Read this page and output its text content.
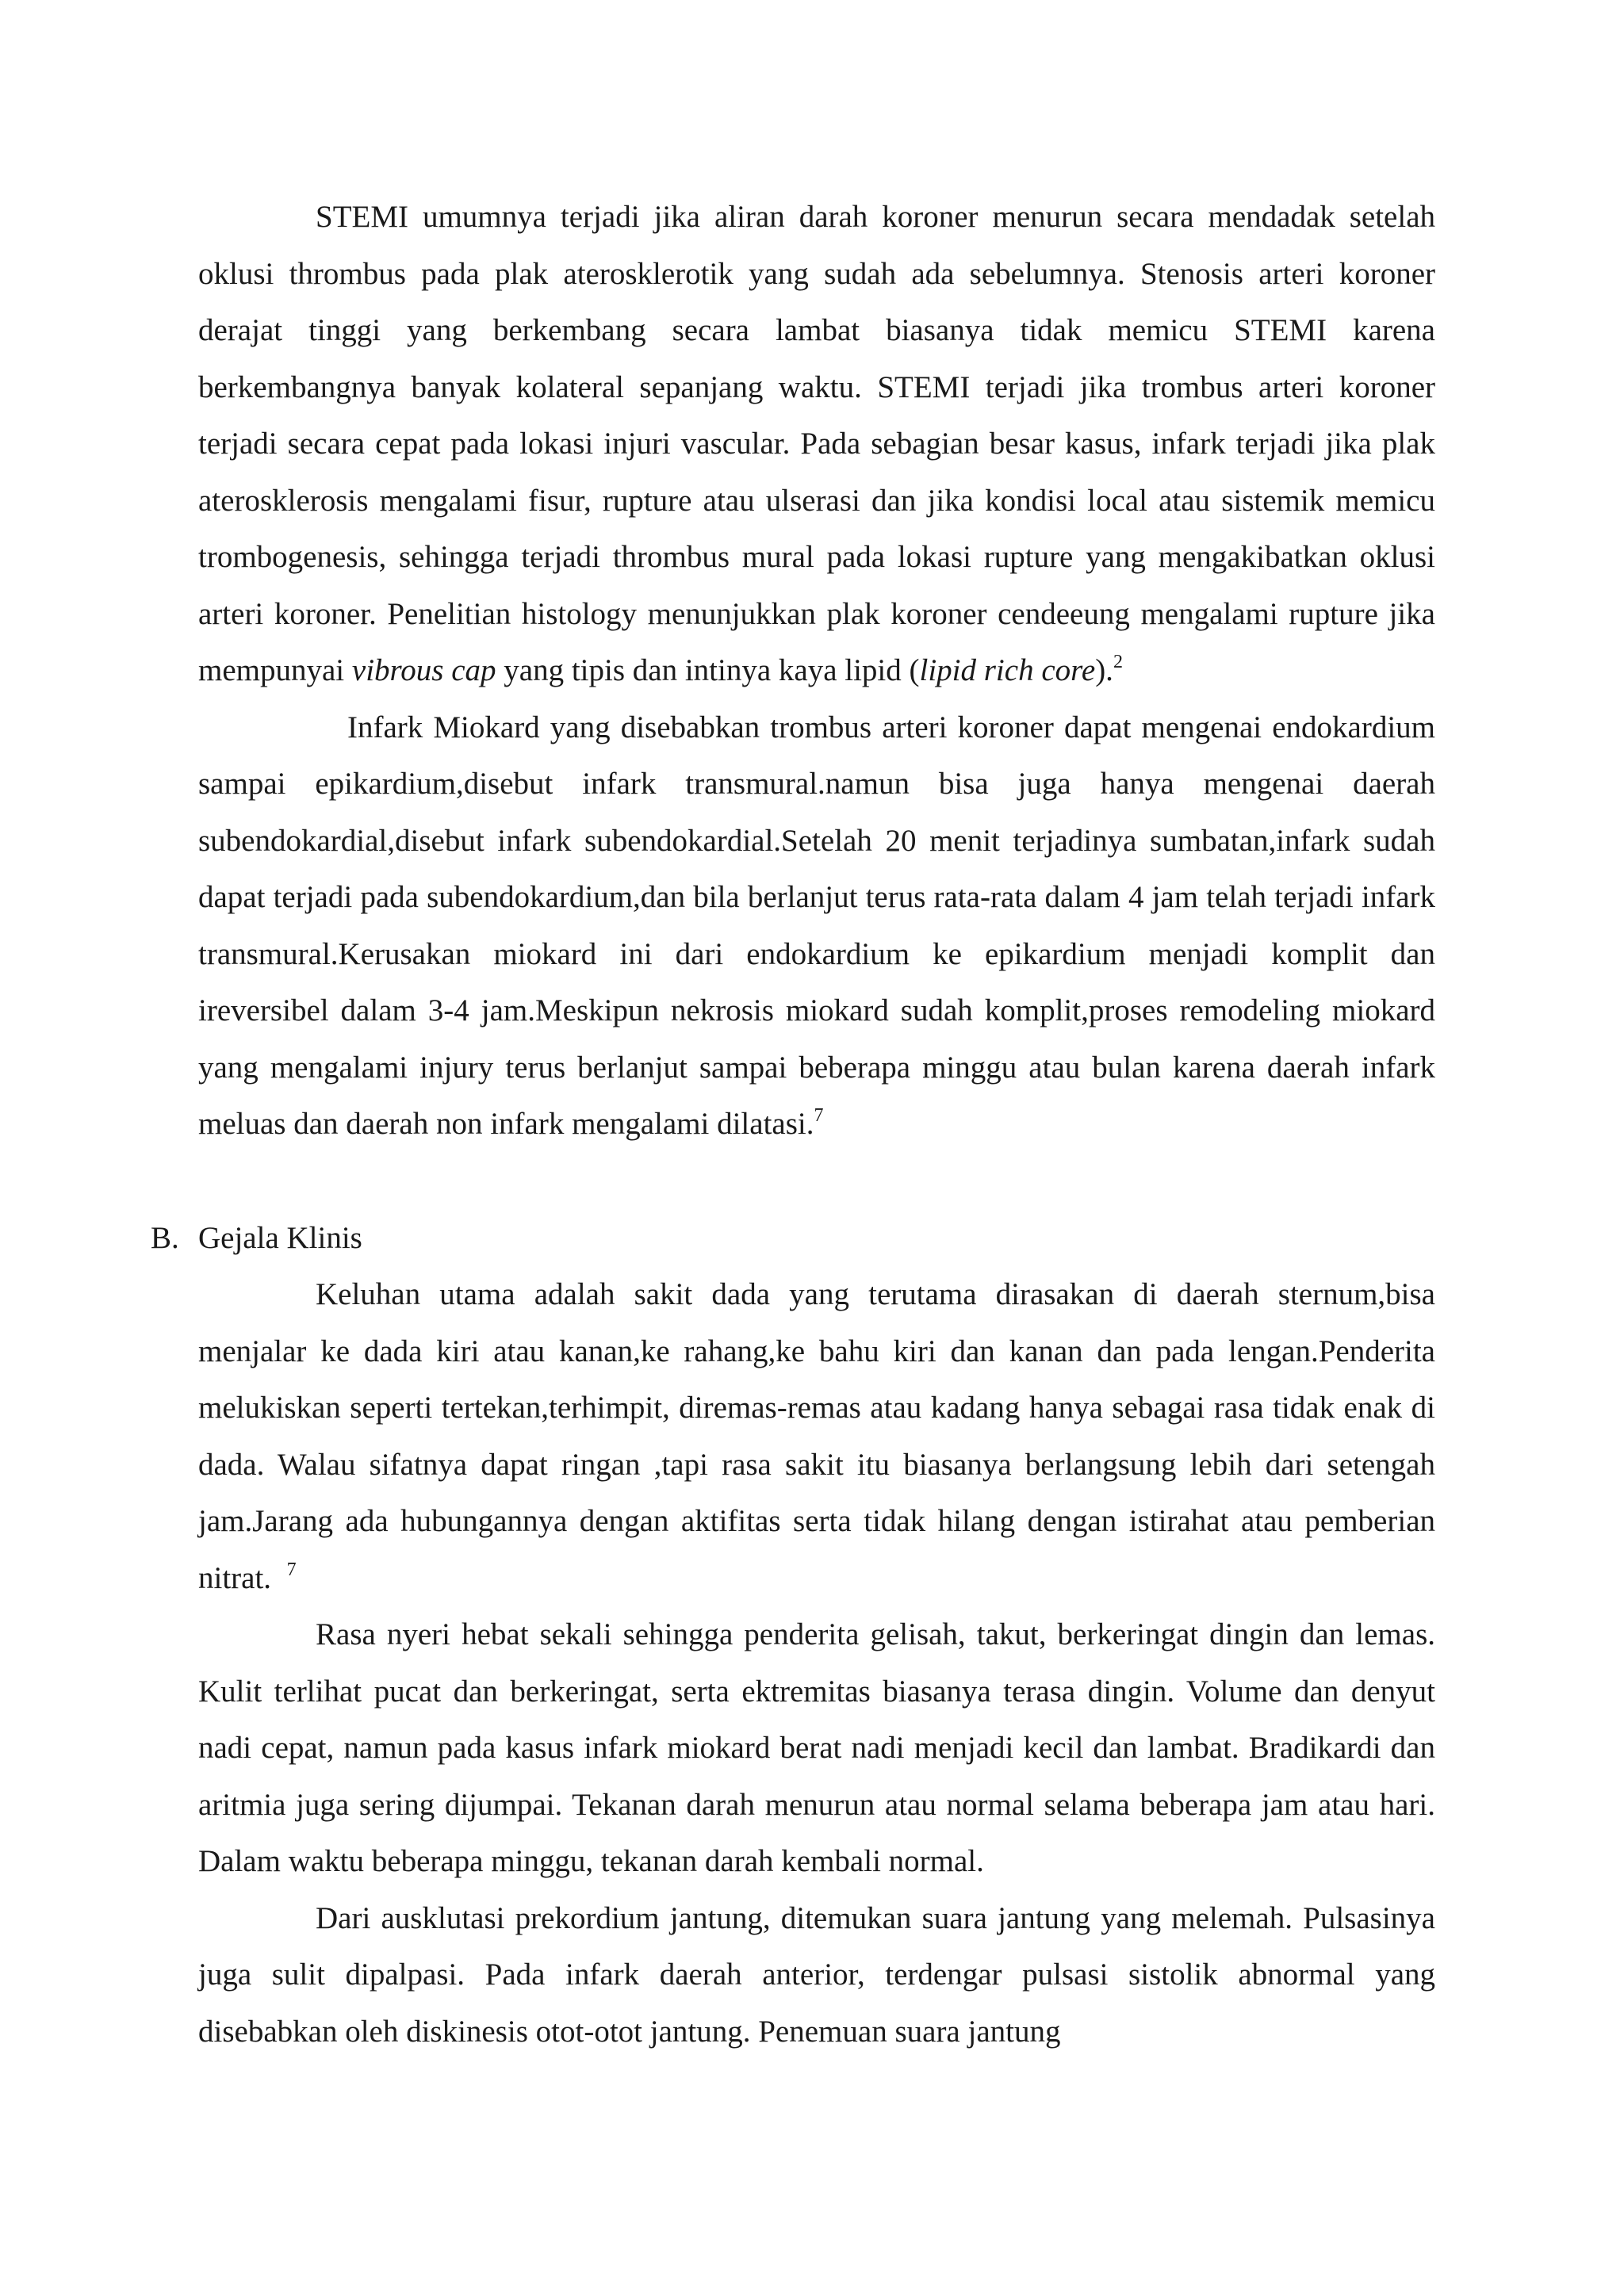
STEMI umumnya terjadi jika aliran darah koroner menurun secara mendadak setelah oklusi thrombus pada plak aterosklerotik yang sudah ada sebelumnya. Stenosis arteri koroner derajat tinggi yang berkembang secara lambat biasanya tidak memicu STEMI karena berkembangnya banyak kolateral sepanjang waktu. STEMI terjadi jika trombus arteri koroner terjadi secara cepat pada lokasi injuri vascular. Pada sebagian besar kasus, infark terjadi jika plak aterosklerosis mengalami fisur, rupture atau ulserasi dan jika kondisi local atau sistemik memicu trombogenesis, sehingga terjadi thrombus mural pada lokasi rupture yang mengakibatkan oklusi arteri koroner. Penelitian histology menunjukkan plak koroner cendeeung mengalami rupture jika mempunyai vibrous cap yang tipis dan intinya kaya lipid (lipid rich core).$^2$

Infark Miokard yang disebabkan trombus arteri koroner dapat mengenai endokardium sampai epikardium,disebut infark transmural.namun bisa juga hanya mengenai daerah subendokardial,disebut infark subendokardial.Setelah 20 menit terjadinya sumbatan,infark sudah dapat terjadi pada subendokardium,dan bila berlanjut terus rata-rata dalam 4 jam telah terjadi infark transmural.Kerusakan miokard ini dari endokardium ke epikardium menjadi komplit dan ireversibel dalam 3-4 jam.Meskipun nekrosis miokard sudah komplit,proses remodeling miokard yang mengalami injury terus berlanjut sampai beberapa minggu atau bulan karena daerah infark meluas dan daerah non infark mengalami dilatasi.$^7$

B. Gejala Klinis

Keluhan utama adalah sakit dada yang terutama dirasakan di daerah sternum,bisa menjalar ke dada kiri atau kanan,ke rahang,ke bahu kiri dan kanan dan pada lengan.Penderita melukiskan seperti tertekan,terhimpit, diremas-remas atau kadang hanya sebagai rasa tidak enak di dada. Walau sifatnya dapat ringan ,tapi rasa sakit itu biasanya berlangsung lebih dari setengah jam.Jarang ada hubungannya dengan aktifitas serta tidak hilang dengan istirahat atau pemberian nitrat. $^7$

Rasa nyeri hebat sekali sehingga penderita gelisah, takut, berkeringat dingin dan lemas. Kulit terlihat pucat dan berkeringat, serta ektremitas biasanya terasa dingin. Volume dan denyut nadi cepat, namun pada kasus infark miokard berat nadi menjadi kecil dan lambat. Bradikardi dan aritmia juga sering dijumpai. Tekanan darah menurun atau normal selama beberapa jam atau hari. Dalam waktu beberapa minggu, tekanan darah kembali normal.

Dari ausklutasi prekordium jantung, ditemukan suara jantung yang melemah. Pulsasinya juga sulit dipalpasi. Pada infark daerah anterior, terdengar pulsasi sistolik abnormal yang disebabkan oleh diskinesis otot-otot jantung. Penemuan suara jantung
